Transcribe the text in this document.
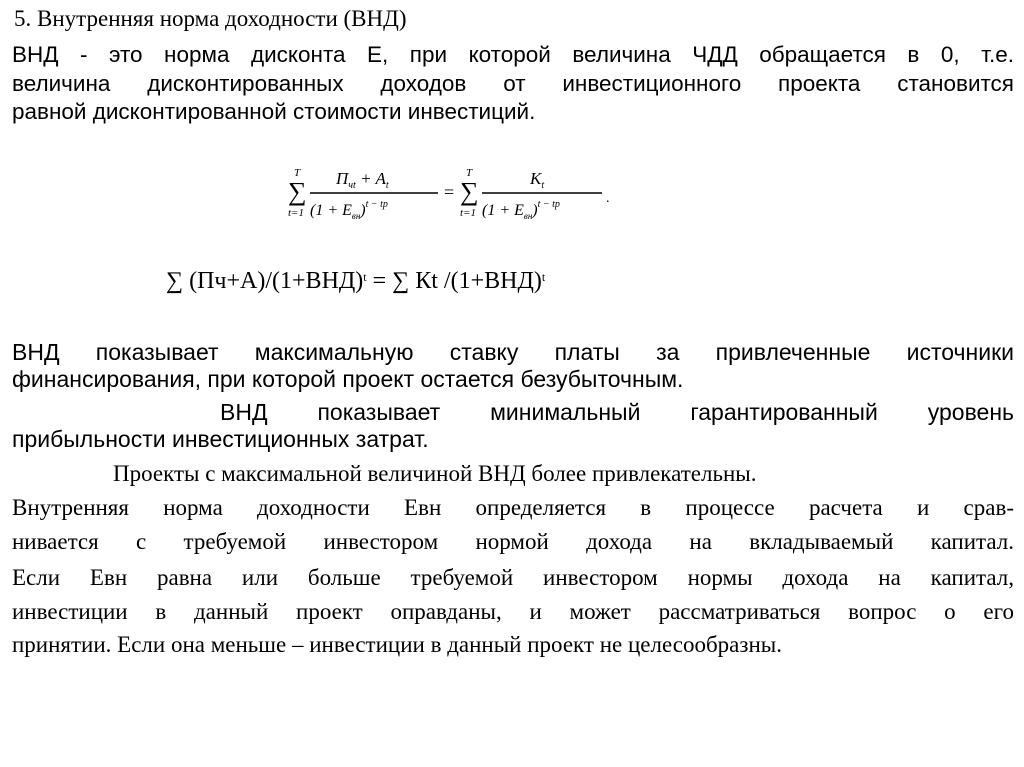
5. Внутренняя норма доходности (ВНД)
ВНД - это норма дисконта Е, при которой величина ЧДД обращается в 0, т.е.
величина дисконтированных доходов от инвестиционного проекта становится
равной дисконтированной стоимости инвестиций.
T
∑
t=1
$П_{чt} + A_t$
$(1 + E_{вн})^{t - tр}$
=
T
∑
t=1
$K_t$
$(1 + E_{вн})^{t - tр}$	.
∑ $(Пч+А)/(1+ВНД)^t$ = ∑ Кt $/(1+ВНД)^t$
ВНД показывает максимальную ставку платы за привлеченные источники
финансирования, при которой проект остается безубыточным.
ВНД показывает минимальный гарантированный уровень
прибыльности инвестиционных затрат.
Проекты с максимальной величиной ВНД более привлекательны.
Внутренняя норма доходности Евн определяется в процессе расчета и срав-
нивается с требуемой инвестором нормой дохода на вкладываемый капитал.
Если Евн равна или больше требуемой инвестором нормы дохода на капитал,
инвестиции в данный проект оправданы, и может рассматриваться вопрос о его
принятии. Если она меньше – инвестиции в данный проект не целесообразны.
